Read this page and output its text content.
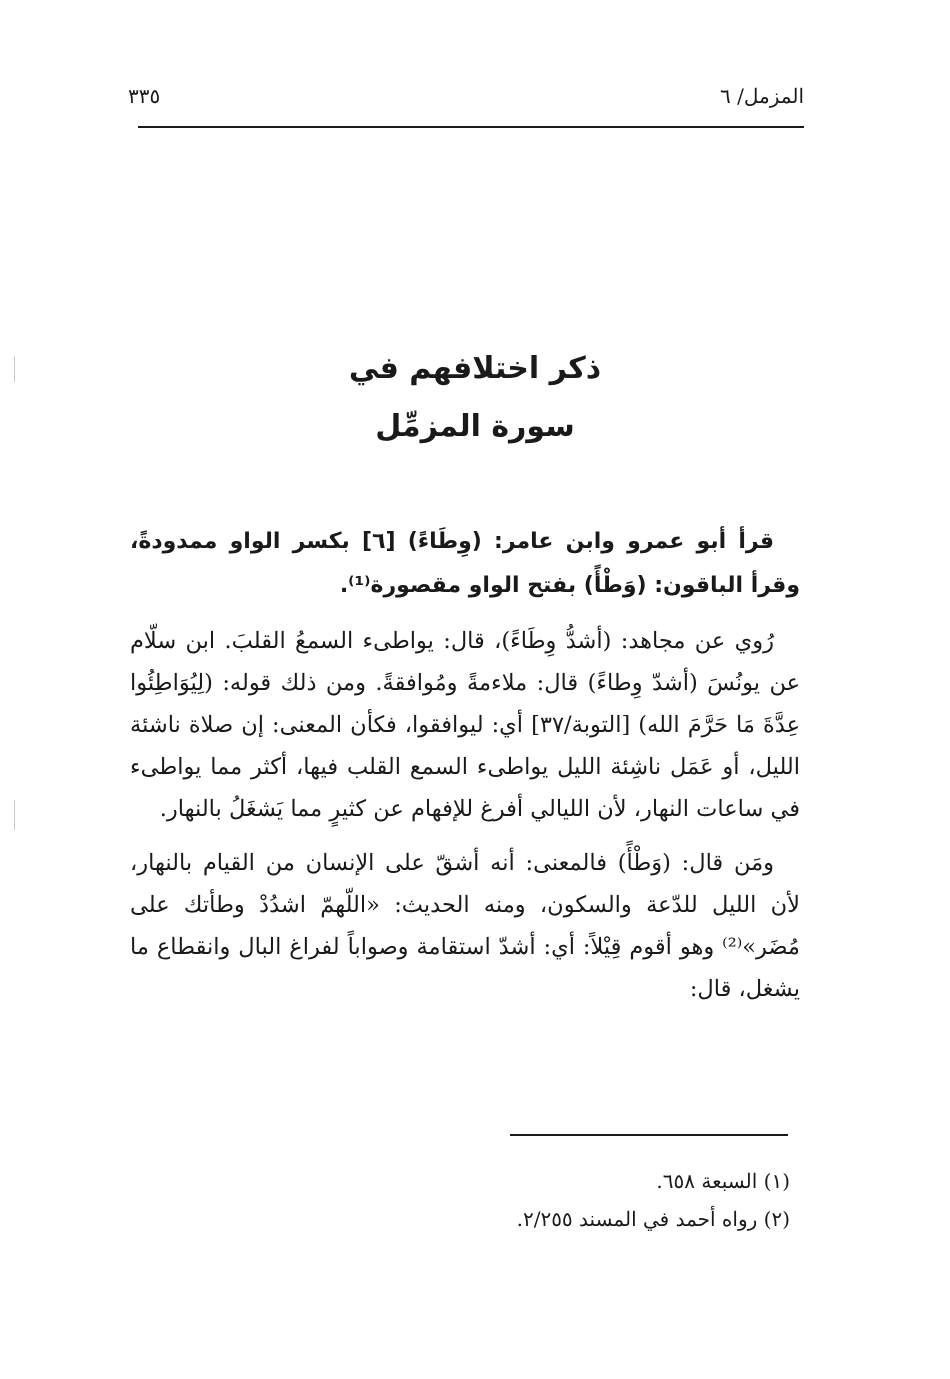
المزمل/ ٦
٣٣٥
ذكر اختلافهم في
سورة المزمِّل

قرأ أبو عمرو وابن عامر: (وِطَاءً) [٦] بكسر الواو ممدودةً، وقرأ الباقون: (وَطْأً) بفتح الواو مقصورة⁽¹⁾.

رُوي عن مجاهد: (أشدُّ وِطَاءً)، قال: يواطىء السمعُ القلبَ. ابن سلّام عن يونُسَ (أشدّ وِطاءً) قال: ملاءمةً ومُوافقةً. ومن ذلك قوله: (لِيُوَاطِئُوا عِدَّةَ مَا حَرَّمَ الله) [التوبة/٣٧] أي: ليوافقوا، فكأن المعنى: إن صلاة ناشئة الليل، أو عَمَل ناشِئة الليل يواطىء السمع القلب فيها، أكثر مما يواطىء في ساعات النهار، لأن الليالي أفرغ للإفهام عن كثيرٍ مما يَشغَلُ بالنهار.

ومَن قال: (وَطْأً) فالمعنى: أنه أشقّ على الإنسان من القيام بالنهار، لأن الليل للدّعة والسكون، ومنه الحديث: «اللّهمّ اشدُدْ وطأتك على مُضَر»⁽²⁾ وهو أقوم قِيْلاً: أي: أشدّ استقامة وصواباً لفراغ البال وانقطاع ما يشغل، قال:

(١) السبعة ٦٥٨.
(٢) رواه أحمد في المسند ٢/٢٥٥.
